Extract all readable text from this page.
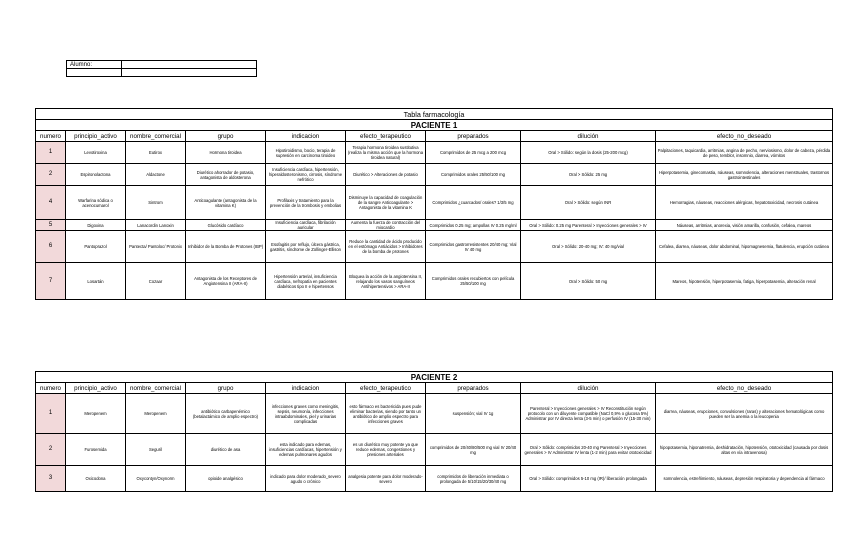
Alumno:	

Tabla farmacología								
PACIENTE 1								
numero	principio_activo	nombre_comercial	grupo	indicacion	efecto_terapeutico	preparados	dilución	efecto_no_deseado
1	Levotiroxina	Eutirox	Hormona tiroidea	Hipotiroidismo, bocio, terapia de supresión en carcinoma tiroideo	Terapia hormona tiroidea sustitutiva (realiza la misma acción que la hormona tiroidea natural)	Comprimidos de 25 mcg a 200 mcg	Oral > Sólido: según la dosis (25-200 mcg)	Palpitaciones, taquicardia, arritmias, angina de pecho, nerviosismo, dolor de cabeza, pérdida de peso, temblor, insomnio, diarrea, vómitos
2	Espironolactona	Aldactone	Diurético ahorrador de potasio, antagonista de aldosterona	Insuficiencia cardíaca, hipertensión, hiperaldosteronismo, cirrosis, síndrome nefrótico	Diurético > Alteraciones de potasio	Comprimidos orales 25/50/100 mg	Oral > Sólido: 25 mg	Hiperpotasemia, ginecomastia, náuseas, somnolencia, alteraciones menstruales, trastornos gastrointestinales
4	Warfarina sódica o acenocumarol	Sintrom	Anticoagulante (antagonista de la vitamina K)	Profilaxis y tratamiento para la prevención de la trombosis y embolias	Disminuye la capacidad de coagulación de la sangre Anticoagulante > Antagonista de la vitamina K	Comprimidos ¿cuarcados/ orales? 1/3/5 mg	Oral > Sólido: según INR	Hemorragias, náuseas, reacciones alérgicas, hepatotoxicidad, necrosis cutánea
5	Digoxina	Lanacordin Lanoxin	Glucósido cardíaco	Insuficiencia cardíaca, fibrilación auricular	Aumenta la fuerza de contracción del miocardio	Comprimidos 0.25 mg; ampollas IV 0.25 mg/ml	Oral > Sólido: 0.25 mg Parenteral > Inyecciones generales > IV	Náuseas, arritmias, anorexia, visión amarilla, confusión, cefalea, mareos
6	Pantoprazol	Pantecta/ Pantoloc/ Protonix	Inhibidor de la Bomba de Protones (IBP)	Esofagitis por reflujo, úlcera gástrica, gastritis, síndrome de Zollinger-Ellison	Reduce la cantidad de ácido producido en el estómago Antiácidos > Inhibidores de la bomba de protones	Comprimidos gastrorresistentes 20/40 mg; Vial IV 40 mg	Oral > Sólido: 20-40 mg; IV: 40 mg/vial	Cefalea, diarrea, náuseas, dolor abdominal, hipomagnesemia, flatulencia, erupción cutánea
7	Losartán	Cozaar	Antagonista de los Receptores de Angiotensina II (ARA-II)	Hipertensión arterial, insuficiencia cardíaca, nefropatía en pacientes diabéticos tipo II e hipertensos	Bloquea la acción de la angiotensina II, relajando los vasos sanguíneos Antihipertensivos > ARA-II	Comprimidos orales recubiertos con película 25/50/100 mg	Oral > Sólido: 50 mg	Mareos, hipotensión, hiperpotasemia, fatiga, hiperpotasemia, alteración renal
PACIENTE 2								
numero	principio_activo	nombre_comercial	grupo	indicacion	efecto_terapeutico	preparados	dilución	efecto_no_deseado
1	Meropenem	Meropenem	antibiótico carbapenémico (betalactámico de amplio espectro)	infecciones graves como meningitis, sepsis, neumonía, infecciones intraabdominales, piel y urinarias complicadas	esto fármaco es bactericida pues pude eliminar bacterias, siendo por tanto un antibiótico de amplio espectro para infecciones graves	suspensión; vial IV 1g	Parenteral > Inyecciones generales > IV Reconstitución según protocolo con un diluyente compatible (NaCl 0,9% o glucosa 5%) Administrar por IV directa lenta (3-5 min) o perfusión IV (15-30 min)	diarrea, náuseas, erupciones, convulsiones (raras) y alteraciones hematológicas como pueden ser la anemia o la leucopenia
2	Furosemida	Seguril	diurético de asa	esta indicado para edemas, insuficiencias cardíacas, hipertensión y edemas pulmonares agudos	es un diurético muy potente ya que reduce edemas, congestiones y presiones arteriales	comprimidos de 20/40/80/500 mg vial IV 20/40 mg	Oral > Sólido: comprimidos 20-40 mg Parenteral > Inyecciones generales > IV Administrar IV lenta (1-2 min) para evitar ototoxicidad	hipopotasemia, hiponatremia, deshidratación, hipotensión, ototoxicidad (causada por dosis altas en vía intravenosa)
3	Oxicodona	Oxycontyn/Oxynorm	opioide analgésico	indicado para dolor moderado_severo agudo o crónico	analgesia potente para dolor moderado-severo	comprimidos de liberación inmediata o prolongada de 5/10/15/20/30/40 mg	Oral > Sólido: comprimidos 5-10 mg (IR)/ liberación prolongada	somnolencia, estreñimiento, náuseas, depresión respiratoria y dependencia al fármaco
